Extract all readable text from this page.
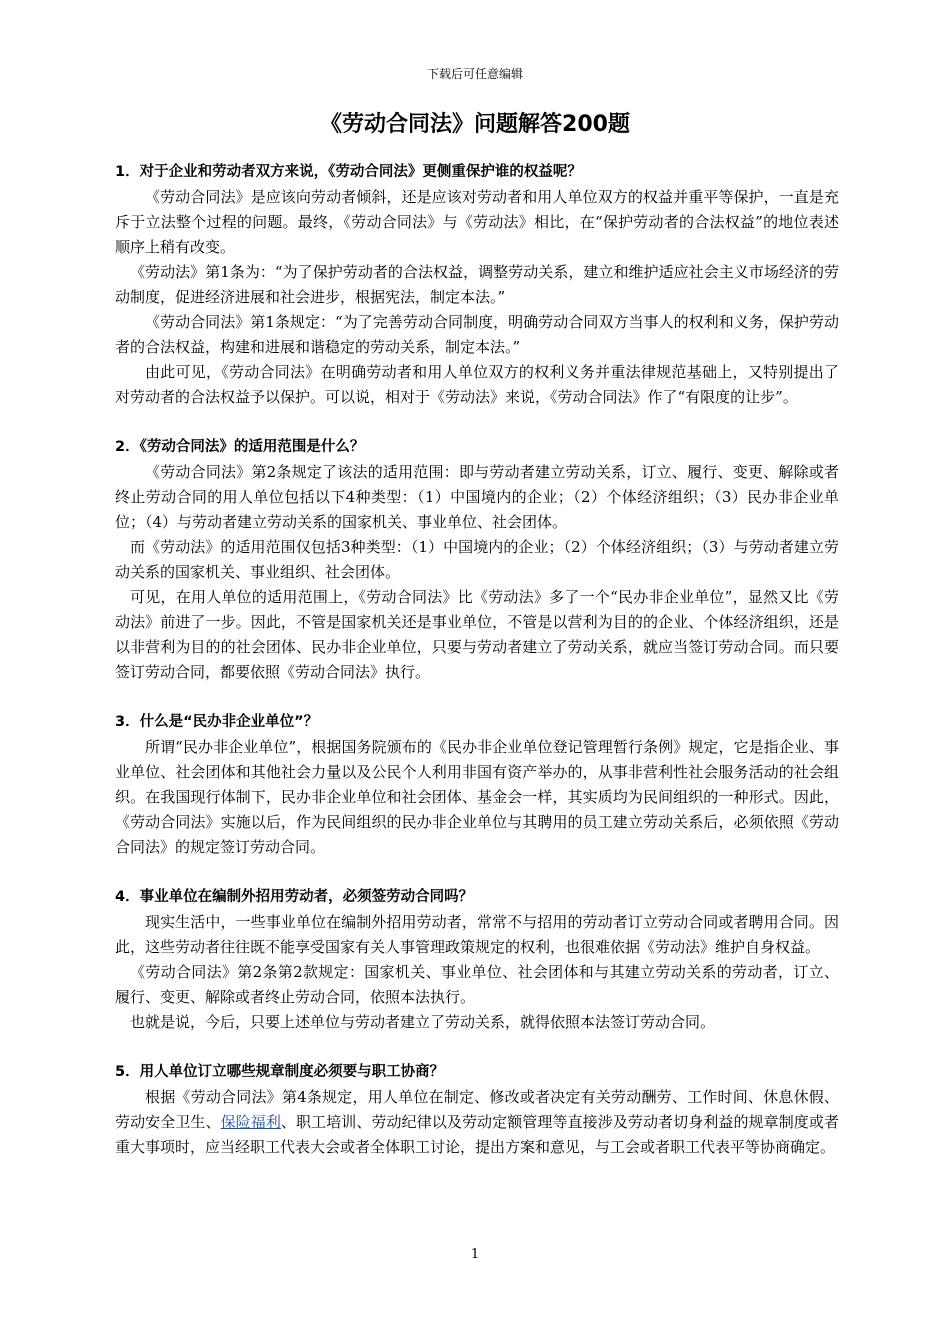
下载后可任意编辑
《劳动合同法》问题解答200题

1．对于企业和劳动者双方来说，《劳动合同法》更侧重保护谁的权益呢？

《劳动合同法》是应该向劳动者倾斜，还是应该对劳动者和用人单位双方的权益并重平等保护，一直是充斥于立法整个过程的问题。最终，《劳动合同法》与《劳动法》相比，在“保护劳动者的合法权益”的地位表述顺序上稍有改变。

《劳动法》第1条为：“为了保护劳动者的合法权益，调整劳动关系，建立和维护适应社会主义市场经济的劳动制度，促进经济进展和社会进步，根据宪法，制定本法。”

《劳动合同法》第1条规定：“为了完善劳动合同制度，明确劳动合同双方当事人的权利和义务，保护劳动者的合法权益，构建和进展和谐稳定的劳动关系，制定本法。”

由此可见，《劳动合同法》在明确劳动者和用人单位双方的权利义务并重法律规范基础上，又特别提出了对劳动者的合法权益予以保护。可以说，相对于《劳动法》来说，《劳动合同法》作了“有限度的让步”。

2．《劳动合同法》的适用范围是什么？

《劳动合同法》第2条规定了该法的适用范围：即与劳动者建立劳动关系，订立、履行、变更、解除或者终止劳动合同的用人单位包括以下4种类型：（1）中国境内的企业；（2）个体经济组织；（3）民办非企业单位；（4）与劳动者建立劳动关系的国家机关、事业单位、社会团体。

而《劳动法》的适用范围仅包括3种类型：（1）中国境内的企业；（2）个体经济组织；（3）与劳动者建立劳动关系的国家机关、事业组织、社会团体。

可见，在用人单位的适用范围上，《劳动合同法》比《劳动法》多了一个“民办非企业单位”，显然又比《劳动法》前进了一步。因此，不管是国家机关还是事业单位，不管是以营利为目的的企业、个体经济组织，还是以非营利为目的的社会团体、民办非企业单位，只要与劳动者建立了劳动关系，就应当签订劳动合同。而只要签订劳动合同，都要依照《劳动合同法》执行。

3．什么是“民办非企业单位”？

所谓“民办非企业单位”，根据国务院颁布的《民办非企业单位登记管理暂行条例》规定，它是指企业、事业单位、社会团体和其他社会力量以及公民个人利用非国有资产举办的，从事非营利性社会服务活动的社会组织。在我国现行体制下，民办非企业单位和社会团体、基金会一样，其实质均为民间组织的一种形式。因此，《劳动合同法》实施以后，作为民间组织的民办非企业单位与其聘用的员工建立劳动关系后，必须依照《劳动合同法》的规定签订劳动合同。

4．事业单位在编制外招用劳动者，必须签劳动合同吗？

现实生活中，一些事业单位在编制外招用劳动者，常常不与招用的劳动者订立劳动合同或者聘用合同。因此，这些劳动者往往既不能享受国家有关人事管理政策规定的权利，也很难依据《劳动法》维护自身权益。

《劳动合同法》第2条第2款规定：国家机关、事业单位、社会团体和与其建立劳动关系的劳动者，订立、履行、变更、解除或者终止劳动合同，依照本法执行。

也就是说，今后，只要上述单位与劳动者建立了劳动关系，就得依照本法签订劳动合同。

5．用人单位订立哪些规章制度必须要与职工协商？

根据《劳动合同法》第4条规定，用人单位在制定、修改或者决定有关劳动酬劳、工作时间、休息休假、劳动安全卫生、保险福利、职工培训、劳动纪律以及劳动定额管理等直接涉及劳动者切身利益的规章制度或者重大事项时，应当经职工代表大会或者全体职工讨论，提出方案和意见，与工会或者职工代表平等协商确定。

1
